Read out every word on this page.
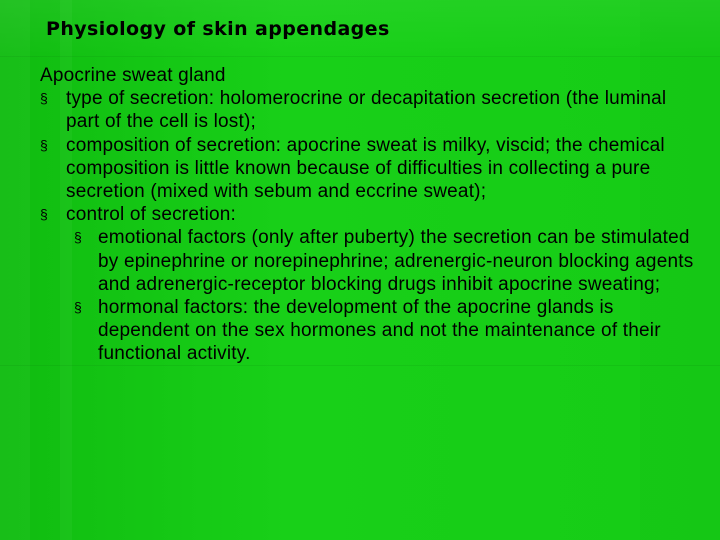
Physiology of skin appendages
Apocrine sweat gland
§ type of secretion: holomerocrine or decapitation secretion (the luminal part of the cell is lost);
§ composition of secretion: apocrine sweat is milky, viscid; the chemical composition is little known because of difficulties in collecting a pure secretion (mixed with sebum and eccrine sweat);
§ control of secretion:
§ emotional factors (only after puberty) the secretion can be stimulated by epinephrine or norepinephrine; adrenergic-neuron blocking agents and adrenergic-receptor blocking drugs inhibit apocrine sweating;
§ hormonal factors: the development of the apocrine glands is dependent on the sex hormones and not the maintenance of their functional activity.
